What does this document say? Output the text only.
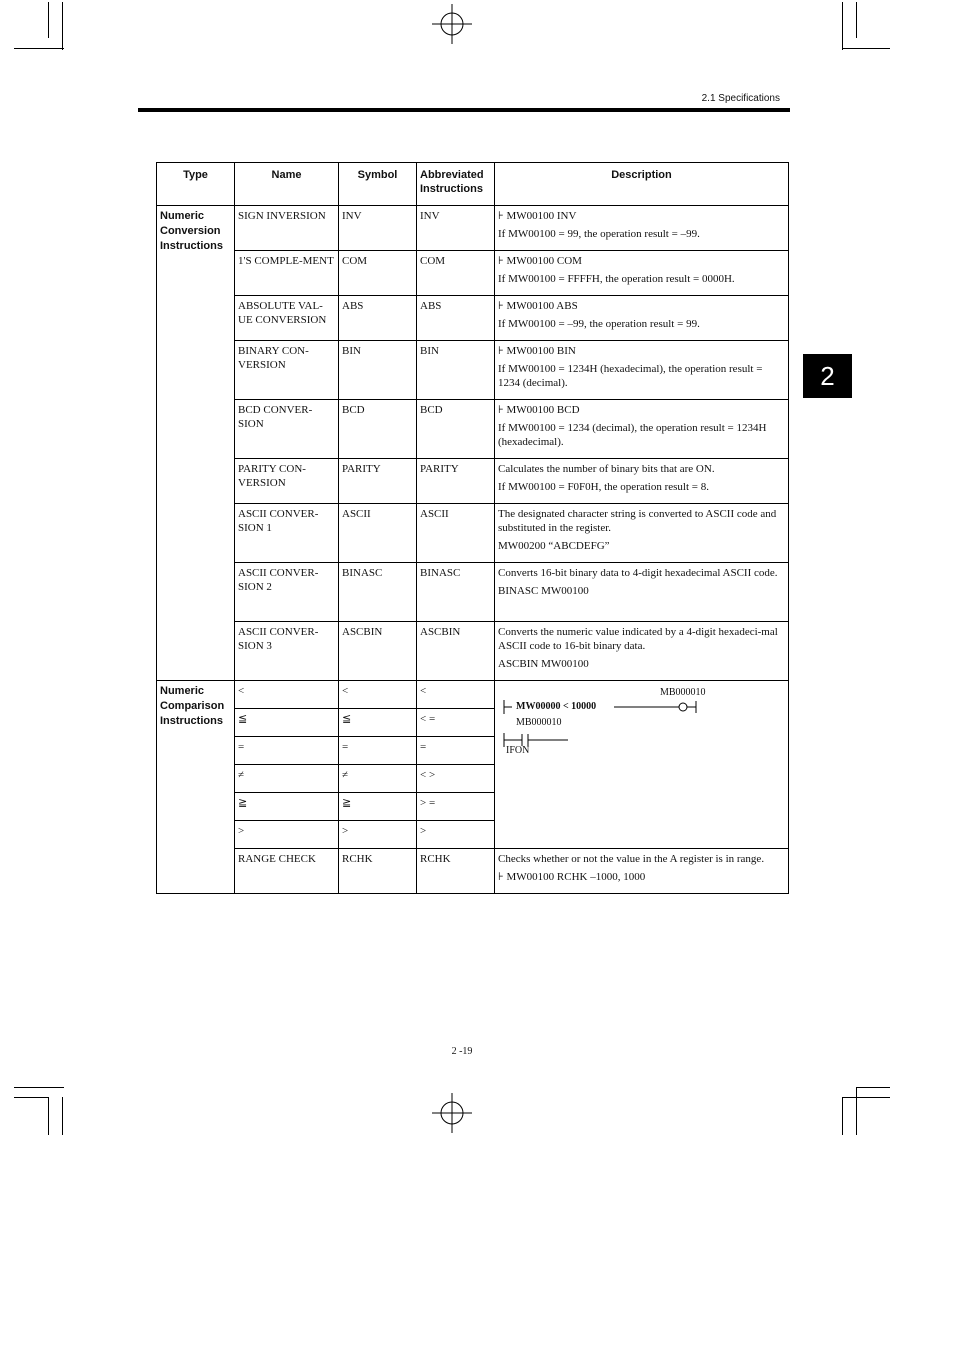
2.1 Specifications
2
Type	Name	Symbol	Abbreviated Instructions	Description
Numeric Conversion Instructions	SIGN INVERSION	INV	INV	⊦ MW00100 INV
If MW00100 = 99, the operation result = –99.

	1'S COMPLE-MENT	COM	COM	⊦ MW00100 COM
If MW00100 = FFFFH, the operation result = 0000H.

	ABSOLUTE VAL-UE CONVERSION	ABS	ABS	⊦ MW00100 ABS
If MW00100 = –99, the operation result = 99.

	BINARY CON-VERSION	BIN	BIN	⊦ MW00100 BIN
If MW00100 = 1234H (hexadecimal), the operation result = 1234 (decimal).

	BCD CONVER-SION	BCD	BCD	⊦ MW00100 BCD
If MW00100 = 1234 (decimal), the operation result = 1234H (hexadecimal).

	PARITY CON-VERSION	PARITY	PARITY	Calculates the number of binary bits that are ON.
If MW00100 = F0F0H, the operation result = 8.

	ASCII CONVER-SION 1	ASCII	ASCII	The designated character string is converted to ASCII code and substituted in the register.
MW00200 “ABCDEFG”

	ASCII CONVER-SION 2	BINASC	BINASC	Converts 16-bit binary data to 4-digit hexadecimal ASCII code.
BINASC MW00100

	ASCII CONVER-SION 3	ASCBIN	ASCBIN	Converts the numeric value indicated by a 4-digit hexadeci-mal ASCII code to 16-bit binary data.
ASCBIN MW00100

Numeric Comparison Instructions	<	<	<	MB000010
MW00000 < 10000
MB000010
IFON

	≦	≦	< =	
	=	=	=	
	≠	≠	< >	
	≧	≧	> =	
	>	>	>	
	RANGE CHECK	RCHK	RCHK	Checks whether or not the value in the A register is in range.
⊦ MW00100 RCHK –1000, 1000
2 -19
